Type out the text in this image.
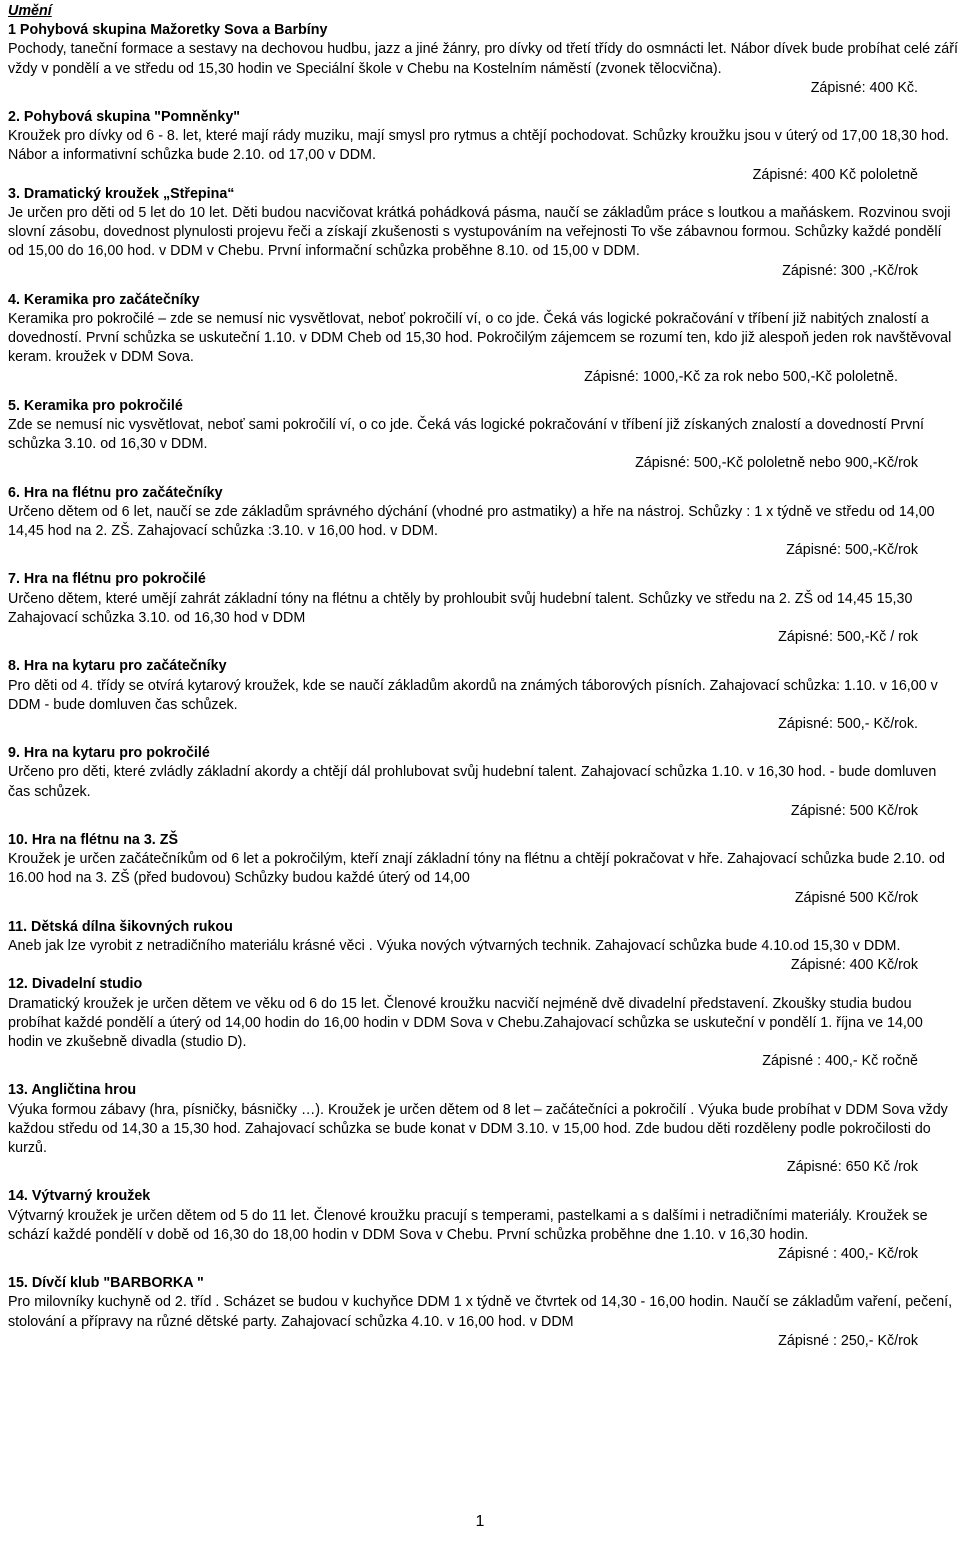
Umění

1 Pohybová skupina Mažoretky Sova a Barbíny

Pochody, taneční formace a sestavy na dechovou hudbu, jazz a jiné žánry, pro dívky od třetí třídy do osmnácti let. Nábor dívek bude probíhat celé září vždy v pondělí a ve středu od 15,30 hodin ve Speciální škole v Chebu na Kostelním náměstí (zvonek tělocvična).

Zápisné: 400 Kč.

2. Pohybová skupina "Pomněnky"

Kroužek pro dívky od 6 - 8. let, které mají rády muziku, mají smysl pro rytmus a chtějí pochodovat. Schůzky kroužku jsou v úterý od 17,00 18,30 hod. Nábor a informativní schůzka bude 2.10. od 17,00 v DDM.

Zápisné: 400 Kč pololetně

3. Dramatický kroužek „Střepina“

Je určen pro děti od 5 let do 10 let. Děti budou nacvičovat krátká pohádková pásma, naučí se základům práce s loutkou a maňáskem. Rozvinou svoji slovní zásobu, dovednost plynulosti projevu řeči a získají zkušenosti s vystupováním na veřejnosti To vše zábavnou formou. Schůzky každé pondělí od 15,00 do 16,00 hod. v DDM v Chebu. První informační schůzka proběhne 8.10. od 15,00 v DDM.

Zápisné: 300 ,-Kč/rok

4. Keramika pro začátečníky

Keramika pro pokročilé – zde se nemusí nic vysvětlovat, neboť pokročilí ví, o co jde. Čeká vás logické pokračování v tříbení již nabitých znalostí a dovedností. První schůzka se uskuteční 1.10. v DDM Cheb od 15,30 hod. Pokročilým zájemcem se rozumí ten, kdo již alespoň jeden rok navštěvoval keram. kroužek v DDM Sova.

Zápisné: 1000,-Kč za rok nebo 500,-Kč pololetně.

5. Keramika pro pokročilé

Zde se nemusí nic vysvětlovat, neboť sami pokročilí ví, o co jde. Čeká vás logické pokračování v tříbení již získaných znalostí a dovedností První schůzka 3.10. od 16,30 v DDM.

Zápisné: 500,-Kč pololetně nebo 900,-Kč/rok

6. Hra na flétnu pro začátečníky

Určeno dětem od 6 let, naučí se zde základům správného dýchání (vhodné pro astmatiky) a hře na nástroj. Schůzky : 1 x týdně ve středu od 14,00 14,45 hod na 2. ZŠ. Zahajovací schůzka :3.10. v 16,00 hod. v DDM.

Zápisné: 500,-Kč/rok

7. Hra na flétnu pro pokročilé

Určeno dětem, které umějí zahrát základní tóny na flétnu a chtěly by prohloubit svůj hudební talent. Schůzky ve středu na 2. ZŠ od 14,45 15,30 Zahajovací schůzka 3.10. od 16,30 hod v DDM

Zápisné: 500,-Kč / rok

8. Hra na kytaru pro začátečníky

Pro děti od 4. třídy se otvírá kytarový kroužek, kde se naučí základům akordů na známých táborových písních. Zahajovací schůzka: 1.10. v 16,00 v DDM - bude domluven čas schůzek.

Zápisné: 500,- Kč/rok.

9. Hra na kytaru pro pokročilé

Určeno pro děti, které zvládly základní akordy a chtějí dál prohlubovat svůj hudební talent. Zahajovací schůzka 1.10. v 16,30 hod. - bude domluven čas schůzek.

Zápisné: 500 Kč/rok

10. Hra na flétnu na 3. ZŠ

Kroužek je určen začátečníkům od 6 let a pokročilým, kteří znají základní tóny na flétnu a chtějí pokračovat v hře. Zahajovací schůzka bude 2.10. od 16.00 hod na 3. ZŠ (před budovou) Schůzky budou každé úterý od 14,00

Zápisné 500 Kč/rok

11. Dětská dílna šikovných rukou

Aneb jak lze vyrobit z netradičního materiálu krásné věci . Výuka nových výtvarných technik. Zahajovací schůzka bude 4.10.od 15,30 v DDM.

Zápisné: 400 Kč/rok

12. Divadelní studio

Dramatický kroužek je určen dětem ve věku od 6 do 15 let. Členové kroužku nacvičí nejméně dvě divadelní představení. Zkoušky studia budou probíhat každé pondělí a úterý od 14,00 hodin do 16,00 hodin v DDM Sova v Chebu.Zahajovací schůzka se uskuteční v pondělí 1. října ve 14,00 hodin ve zkušebně divadla (studio D).

Zápisné : 400,- Kč ročně

13. Angličtina hrou

Výuka formou zábavy (hra, písničky, básničky …). Kroužek je určen dětem od 8 let – začátečníci a pokročilí . Výuka bude probíhat v DDM Sova vždy každou středu od 14,30 a 15,30 hod. Zahajovací schůzka se bude konat v DDM 3.10. v 15,00 hod. Zde budou děti rozděleny podle pokročilosti do kurzů.

Zápisné: 650 Kč /rok

14. Výtvarný kroužek

Výtvarný kroužek je určen dětem od 5 do 11 let. Členové kroužku pracují s temperami, pastelkami a s dalšími i netradičními materiály. Kroužek se schází každé pondělí v době od 16,30 do 18,00 hodin v DDM Sova v Chebu. První schůzka proběhne dne 1.10. v 16,30 hodin.

Zápisné : 400,- Kč/rok

15. Dívčí klub "BARBORKA "

Pro milovníky kuchyně od 2. tříd . Scházet se budou v kuchyňce DDM 1 x týdně ve čtvrtek od 14,30 - 16,00 hodin. Naučí se základům vaření, pečení, stolování a přípravy na různé dětské party. Zahajovací schůzka 4.10. v 16,00 hod. v DDM

Zápisné : 250,- Kč/rok
1
